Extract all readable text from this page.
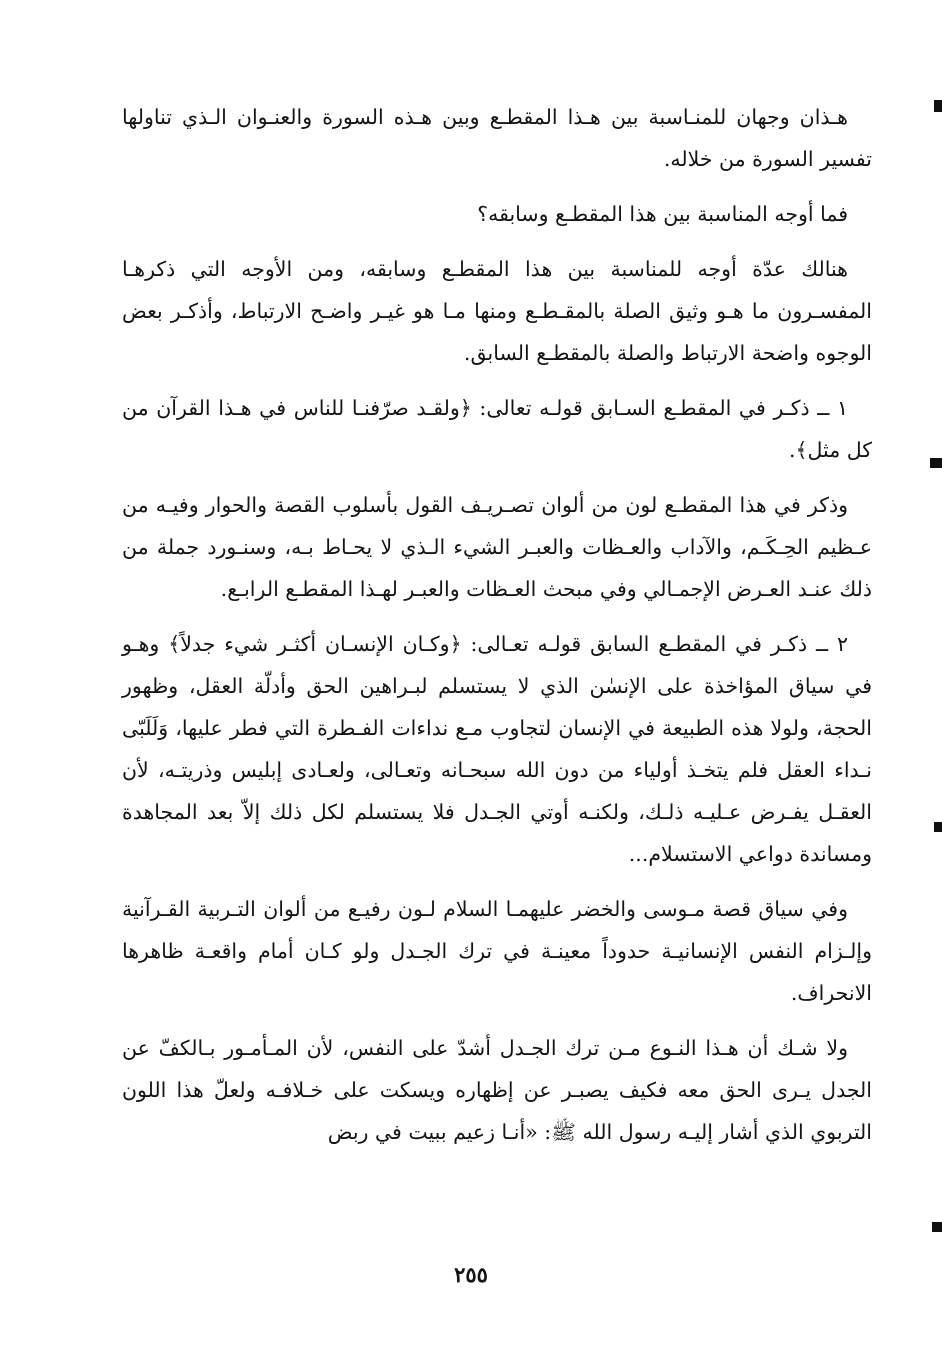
هـذان وجهان للمنـاسبة بين هـذا المقطـع وبين هـذه السورة والعنـوان الـذي تناولها تفسير السورة من خلاله.

فما أوجه المناسبة بين هذا المقطـع وسابقه؟

هنالك عدّة أوجه للمناسبة بين هذا المقطـع وسابقه، ومن الأوجه التي ذكرهـا المفسـرون ما هـو وثيق الصلة بالمقـطـع ومنها مـا هو غيـر واضـح الارتباط، وأذكـر بعض الوجوه واضحة الارتباط والصلة بالمقطـع السابق.

١ ــ ذكـر في المقطـع السـابق قولـه تعالى: ﴿ولقـد صرّفنـا للناس في هـذا القرآن من كل مثل﴾.

وذكر في هذا المقطـع لون من ألوان تصـريـف القول بأسلوب القصة والحوار وفيـه من عـظيم الحِـكَـم، والآداب والعـظات والعبـر الشيء الـذي لا يحـاط بـه، وسنـورد جملة من ذلك عنـد العـرض الإجمـالي وفي مبحث العـظات والعبـر لهـذا المقطـع الرابـع.

٢ ــ ذكـر في المقطـع السابق قولـه تعـالى: ﴿وكـان الإنسـان أكثـر شيء جدلاً﴾ وهـو في سياق المؤاخذة على الإنسٰن الذي لا يستسلم لبـراهين الحق وأدلّة العقل، وظهور الحجة، ولولا هذه الطبيعة في الإنسان لتجاوب مـع نداءات الفـطرة التي فطر عليها، وَلَلَبّى نـداء العقل فلم يتخـذ أولياء من دون الله سبحـانه وتعـالى، ولعـادى إبليس وذريتـه، لأن العقـل يفـرض عـليـه ذلـك، ولكنـه أوتي الجـدل فلا يستسلم لكل ذلك إلاّ بعد المجاهدة ومساندة دواعي الاستسلام...

وفي سياق قصة مـوسى والخضر عليهمـا السلام لـون رفيـع من ألوان التـربية القـرآنية وإلـزام النفس الإنسانيـة حدوداً معينـة في ترك الجـدل ولو كـان أمام واقعـة ظاهرها الانحراف.

ولا شـك أن هـذا النـوع مـن ترك الجـدل أشدّ على النفس، لأن المـأمـور بـالكفّ عن الجدل يـرى الحق معه فكيف يصبـر عن إظهاره ويسكت على خـلافـه ولعلّ هذا اللون التربوي الذي أشار إليـه رسول الله ﷺ: «أنـا زعيم ببيت في ربض

٢٥٥
